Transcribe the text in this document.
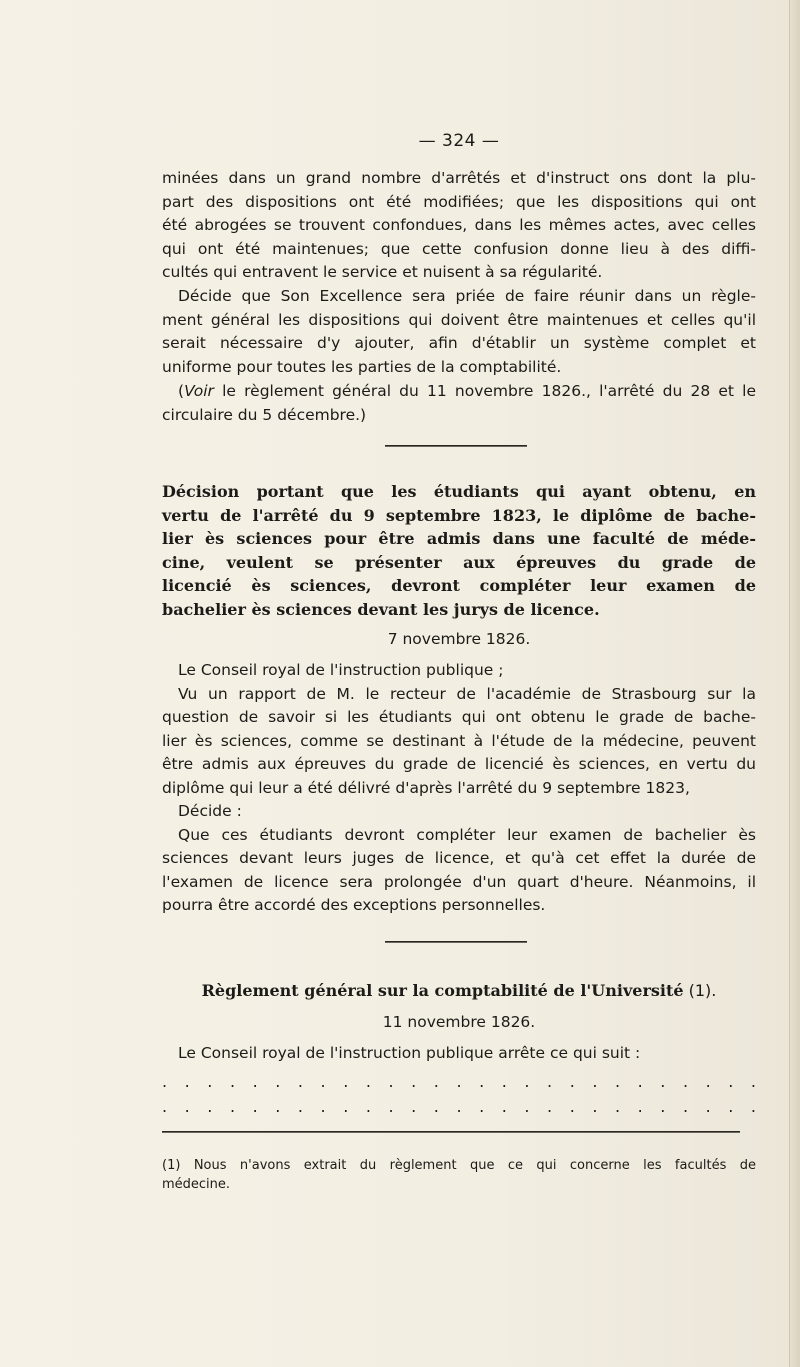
— 324 —
minées dans un grand nombre d'arrêtés et d'instruct ons dont la plu-
part des dispositions ont été modifiées; que les dispositions qui ont
été abrogées se trouvent confondues, dans les mêmes actes, avec celles
qui ont été maintenues; que cette confusion donne lieu à des diffi-
cultés qui entravent le service et nuisent à sa régularité.
Décide que Son Excellence sera priée de faire réunir dans un règle-
ment général les dispositions qui doivent être maintenues et celles qu'il
serait nécessaire d'y ajouter, afin d'établir un système complet et
uniforme pour toutes les parties de la comptabilité.
(Voir le règlement général du 11 novembre 1826., l'arrêté du 28 et le
circulaire du 5 décembre.)
Décision portant que les étudiants qui ayant obtenu, en
vertu de l'arrêté du 9 septembre 1823, le diplôme de bache-
lier ès sciences pour être admis dans une faculté de méde-
cine, veulent se présenter aux épreuves du grade de
licencié ès sciences, devront compléter leur examen de
bachelier ès sciences devant les jurys de licence.
7 novembre 1826.
Le Conseil royal de l'instruction publique ;
Vu un rapport de M. le recteur de l'académie de Strasbourg sur la
question de savoir si les étudiants qui ont obtenu le grade de bache-
lier ès sciences, comme se destinant à l'étude de la médecine, peuvent
être admis aux épreuves du grade de licencié ès sciences, en vertu du
diplôme qui leur a été délivré d'après l'arrêté du 9 septembre 1823,
Décide :
Que ces étudiants devront compléter leur examen de bachelier ès
sciences devant leurs juges de licence, et qu'à cet effet la durée de
l'examen de licence sera prolongée d'un quart d'heure. Néanmoins, il
pourra être accordé des exceptions personnelles.
Règlement général sur la comptabilité de l'Université (1).
11 novembre 1826.
Le Conseil royal de l'instruction publique arrête ce qui suit :
. . . . . . . . . . . . . . . . . . . . . . . . . . .
. . . . . . . . . . . . . . . . . . . . . . . . . . .
(1) Nous n'avons extrait du règlement que ce qui concerne les facultés de
médecine.
